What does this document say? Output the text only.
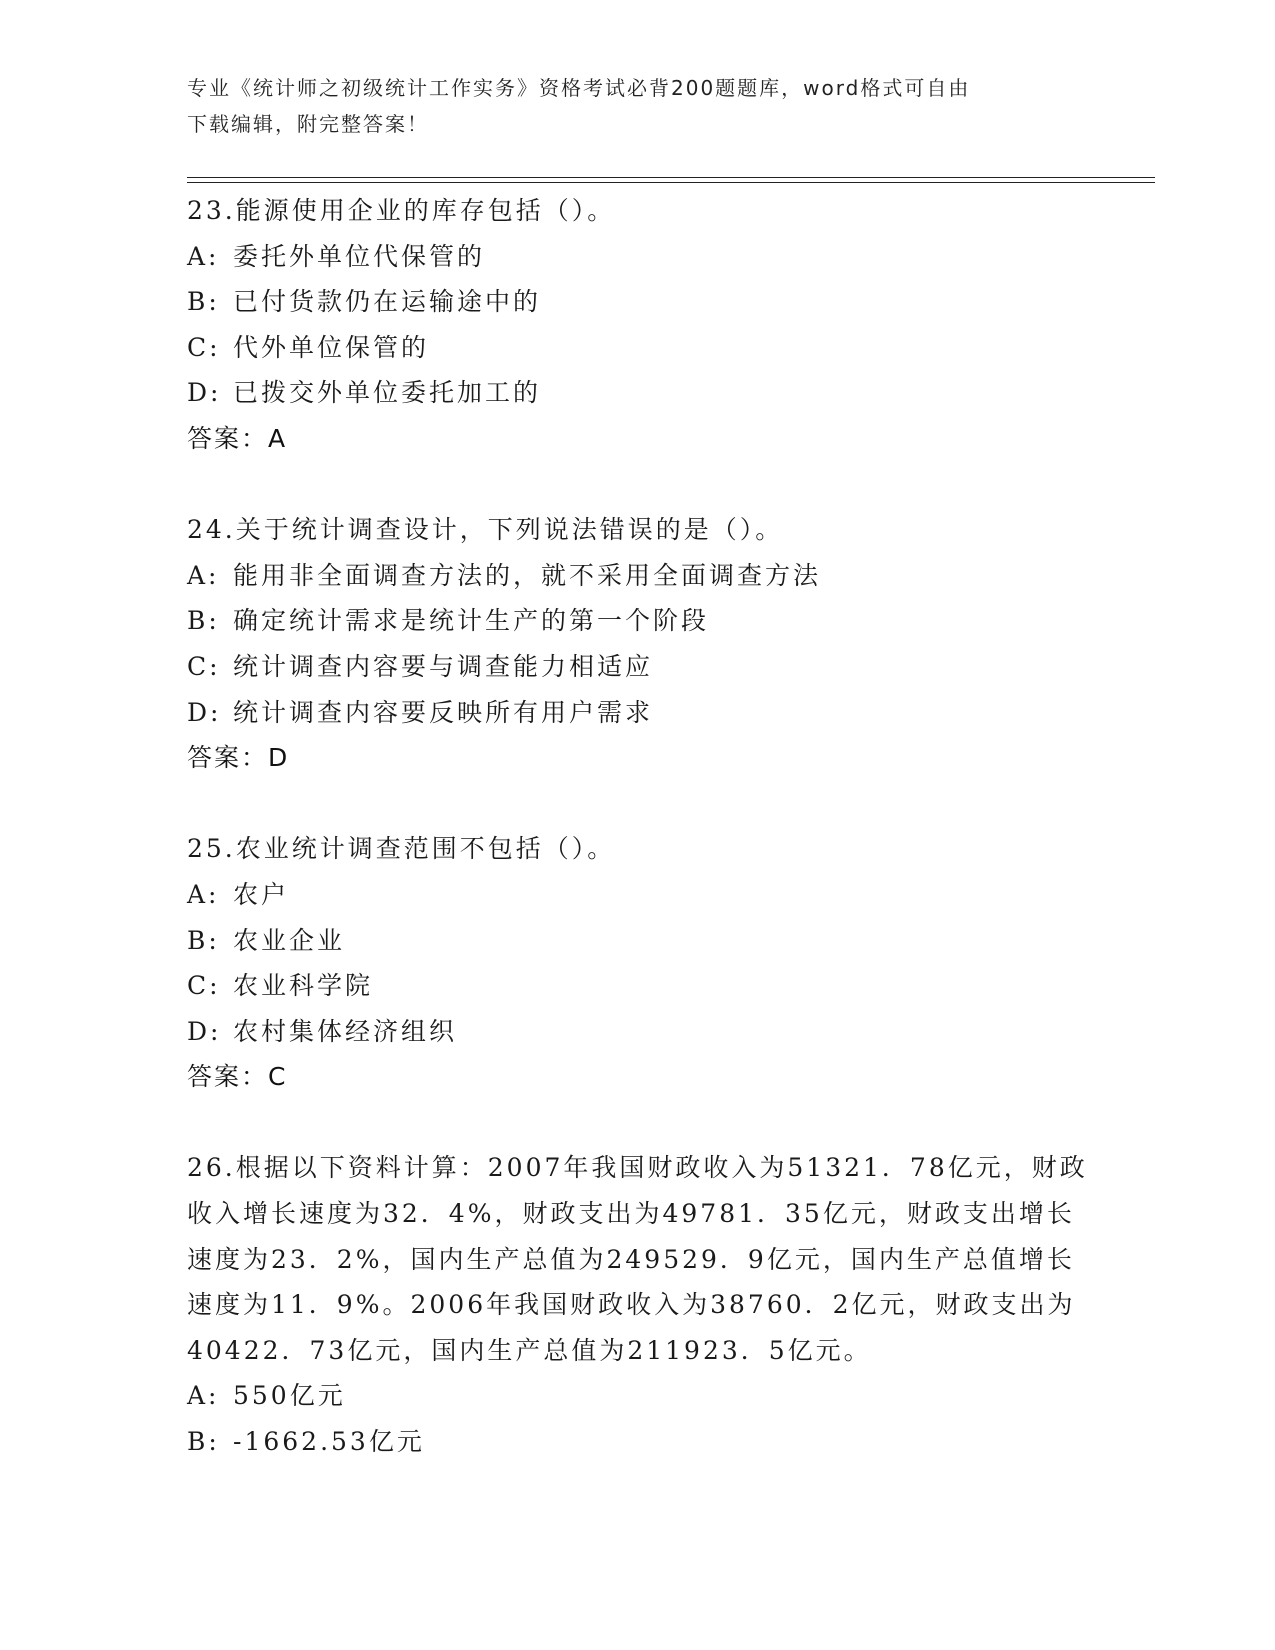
专业《统计师之初级统计工作实务》资格考试必背200题题库，word格式可自由
下载编辑，附完整答案！
23.能源使用企业的库存包括（）。
A: 委托外单位代保管的
B: 已付货款仍在运输途中的
C: 代外单位保管的
D: 已拨交外单位委托加工的
答案：A
24.关于统计调查设计，下列说法错误的是（）。
A: 能用非全面调查方法的，就不采用全面调查方法
B: 确定统计需求是统计生产的第一个阶段
C: 统计调查内容要与调查能力相适应
D: 统计调查内容要反映所有用户需求
答案：D
25.农业统计调查范围不包括（）。
A: 农户
B: 农业企业
C: 农业科学院
D: 农村集体经济组织
答案：C
26.根据以下资料计算：2007年我国财政收入为51321．78亿元，财政
收入增长速度为32．4%，财政支出为49781．35亿元，财政支出增长
速度为23．2%，国内生产总值为249529．9亿元，国内生产总值增长
速度为11．9%。2006年我国财政收入为38760．2亿元，财政支出为
40422．73亿元，国内生产总值为211923．5亿元。
A: 550亿元
B: -1662.53亿元
